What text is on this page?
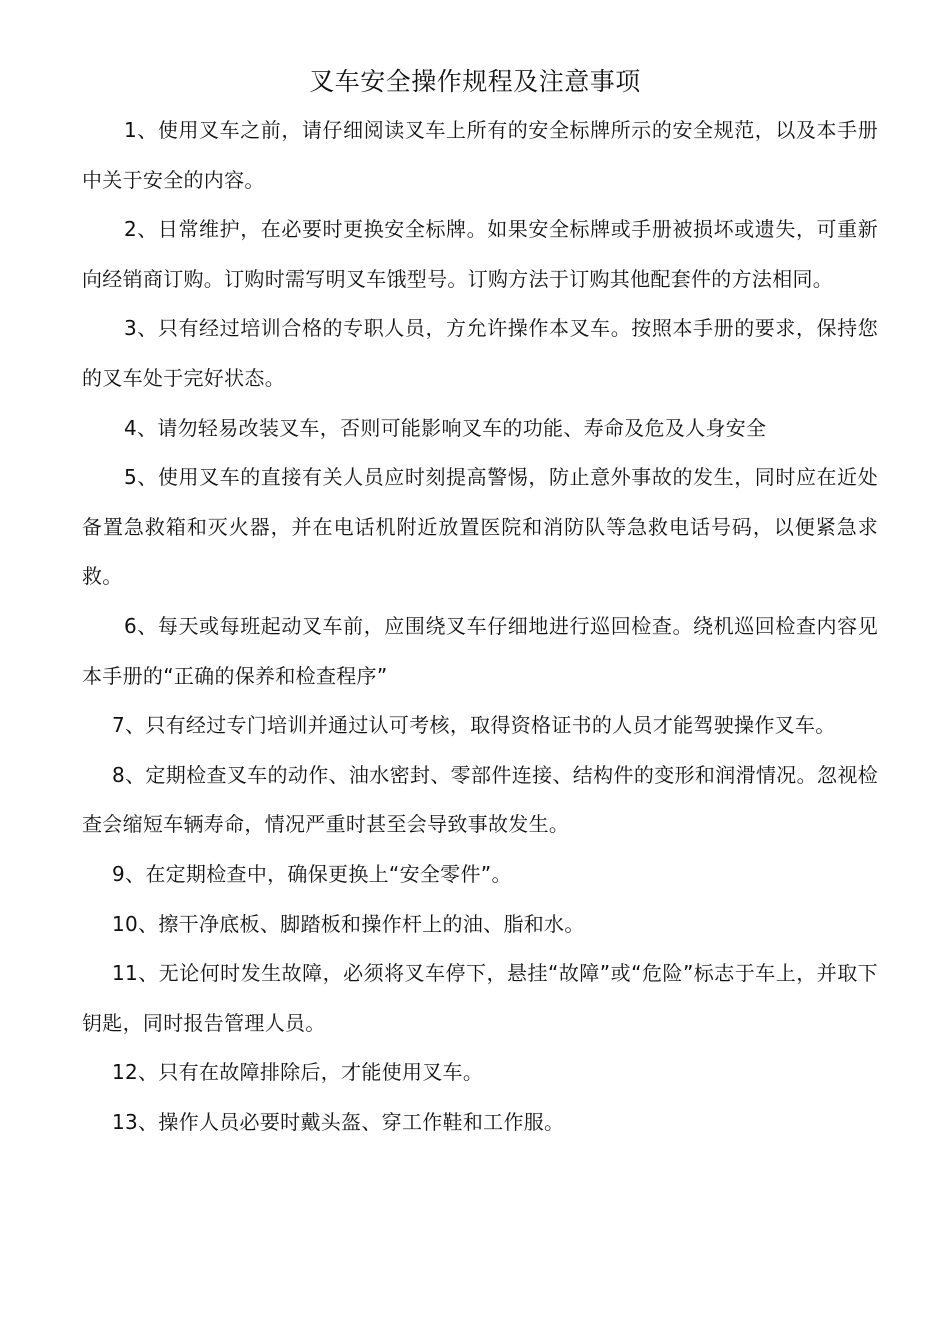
叉车安全操作规程及注意事项

1、使用叉车之前，请仔细阅读叉车上所有的安全标牌所示的安全规范，以及本手册中关于安全的内容。

2、日常维护，在必要时更换安全标牌。如果安全标牌或手册被损坏或遗失，可重新向经销商订购。订购时需写明叉车饿型号。订购方法于订购其他配套件的方法相同。

3、只有经过培训合格的专职人员，方允许操作本叉车。按照本手册的要求，保持您的叉车处于完好状态。

4、请勿轻易改装叉车，否则可能影响叉车的功能、寿命及危及人身安全

5、使用叉车的直接有关人员应时刻提高警惕，防止意外事故的发生，同时应在近处备置急救箱和灭火器，并在电话机附近放置医院和消防队等急救电话号码，以便紧急求救。

6、每天或每班起动叉车前，应围绕叉车仔细地进行巡回检查。绕机巡回检查内容见本手册的“正确的保养和检查程序”

7、只有经过专门培训并通过认可考核，取得资格证书的人员才能驾驶操作叉车。

8、定期检查叉车的动作、油水密封、零部件连接、结构件的变形和润滑情况。忽视检查会缩短车辆寿命，情况严重时甚至会导致事故发生。

9、在定期检查中，确保更换上“安全零件”。

10、擦干净底板、脚踏板和操作杆上的油、脂和水。

11、无论何时发生故障，必须将叉车停下，悬挂“故障”或“危险”标志于车上，并取下钥匙，同时报告管理人员。

12、只有在故障排除后，才能使用叉车。

13、操作人员必要时戴头盔、穿工作鞋和工作服。
